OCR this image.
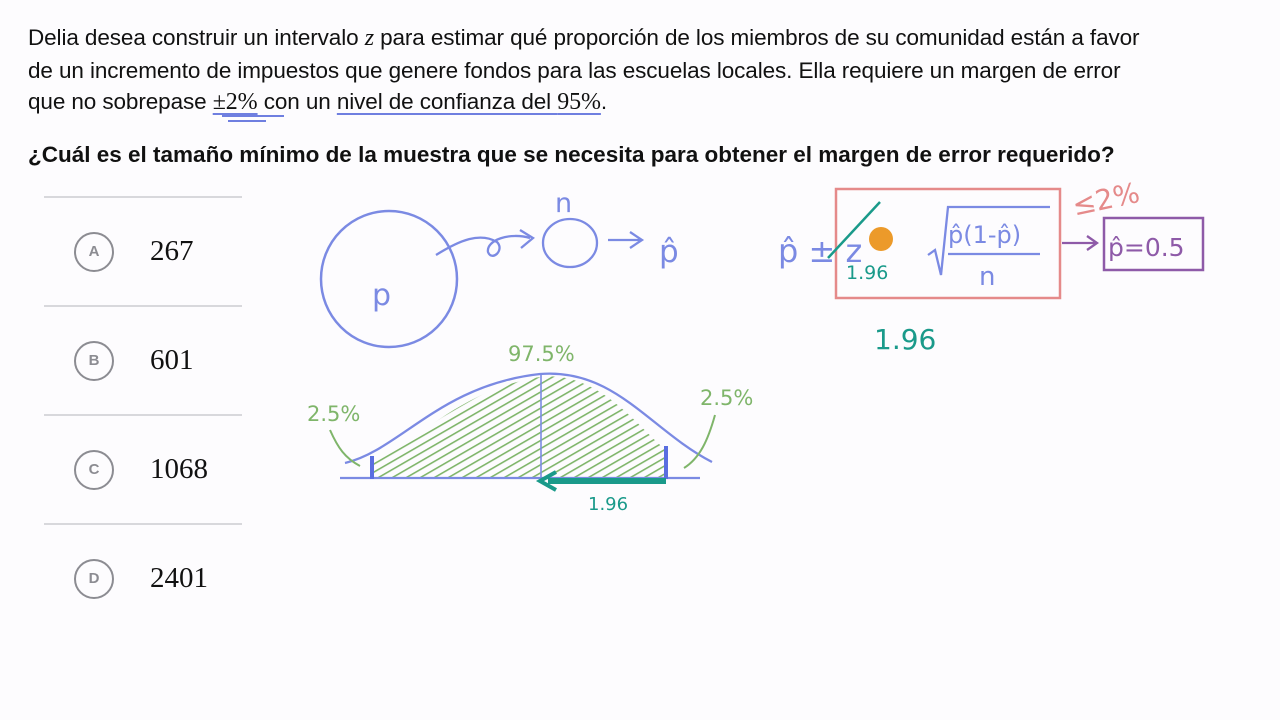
Delia desea construir un intervalo z para estimar qué proporción de los miembros de su comunidad están a favor
de un incremento de impuestos que genere fondos para las escuelas locales. Ella requiere un margen de error
que no sobrepase ±2% con un nivel de confianza del 95%.
¿Cuál es el tamaño mínimo de la muestra que se necesita para obtener el margen de error requerido?
A	267
B	601
C	1068
D	2401
p
n
p̂
97.5%
2.5%
2.5%
1.96
p̂ ± z
1.96
p̂(1-p̂)
n
≤2%
p̂=0.5
1.96
